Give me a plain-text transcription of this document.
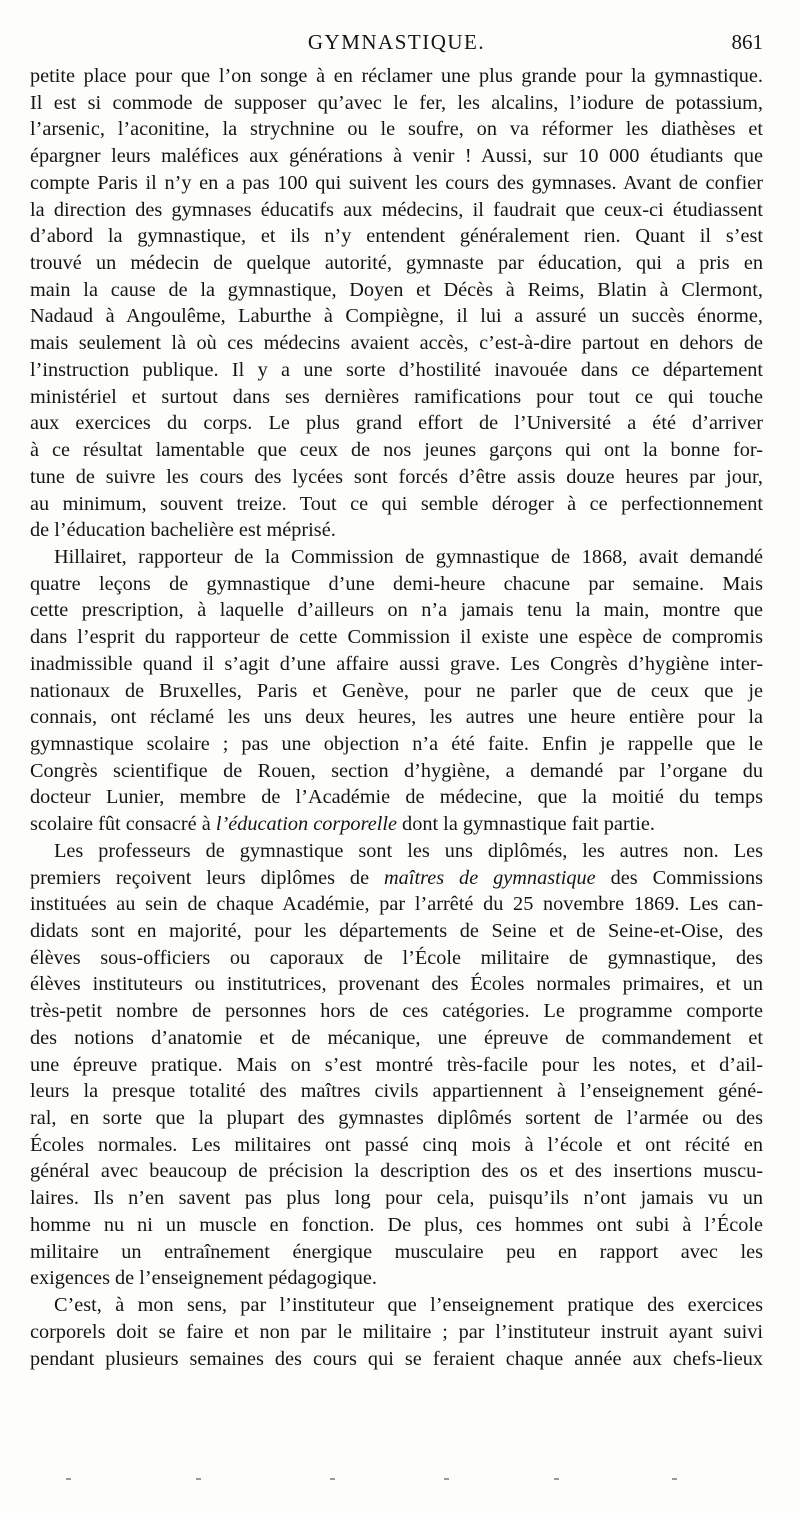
GYMNASTIQUE.	861
petite place pour que l’on songe à en réclamer une plus grande pour la gymnastique.
Il est si commode de supposer qu’avec le fer, les alcalins, l’iodure de potassium,
l’arsenic, l’aconitine, la strychnine ou le soufre, on va réformer les diathèses et
épargner leurs maléfices aux générations à venir ! Aussi, sur 10 000 étudiants que
compte Paris il n’y en a pas 100 qui suivent les cours des gymnases. Avant de confier
la direction des gymnases éducatifs aux médecins, il faudrait que ceux-ci étudiassent
d’abord la gymnastique, et ils n’y entendent généralement rien. Quant il s’est
trouvé un médecin de quelque autorité, gymnaste par éducation, qui a pris en
main la cause de la gymnastique, Doyen et Décès à Reims, Blatin à Clermont,
Nadaud à Angoulême, Laburthe à Compiègne, il lui a assuré un succès énorme,
mais seulement là où ces médecins avaient accès, c’est-à-dire partout en dehors de
l’instruction publique. Il y a une sorte d’hostilité inavouée dans ce département
ministériel et surtout dans ses dernières ramifications pour tout ce qui touche
aux exercices du corps. Le plus grand effort de l’Université a été d’arriver
à ce résultat lamentable que ceux de nos jeunes garçons qui ont la bonne for-
tune de suivre les cours des lycées sont forcés d’être assis douze heures par jour,
au minimum, souvent treize. Tout ce qui semble déroger à ce perfectionnement
de l’éducation bachelière est méprisé.
Hillairet, rapporteur de la Commission de gymnastique de 1868, avait demandé
quatre leçons de gymnastique d’une demi-heure chacune par semaine. Mais
cette prescription, à laquelle d’ailleurs on n’a jamais tenu la main, montre que
dans l’esprit du rapporteur de cette Commission il existe une espèce de compromis
inadmissible quand il s’agit d’une affaire aussi grave. Les Congrès d’hygiène inter-
nationaux de Bruxelles, Paris et Genève, pour ne parler que de ceux que je
connais, ont réclamé les uns deux heures, les autres une heure entière pour la
gymnastique scolaire ; pas une objection n’a été faite. Enfin je rappelle que le
Congrès scientifique de Rouen, section d’hygiène, a demandé par l’organe du
docteur Lunier, membre de l’Académie de médecine, que la moitié du temps
scolaire fût consacré à l’éducation corporelle dont la gymnastique fait partie.
Les professeurs de gymnastique sont les uns diplômés, les autres non. Les
premiers reçoivent leurs diplômes de maîtres de gymnastique des Commissions
instituées au sein de chaque Académie, par l’arrêté du 25 novembre 1869. Les can-
didats sont en majorité, pour les départements de Seine et de Seine-et-Oise, des
élèves sous-officiers ou caporaux de l’École militaire de gymnastique, des
élèves instituteurs ou institutrices, provenant des Écoles normales primaires, et un
très-petit nombre de personnes hors de ces catégories. Le programme comporte
des notions d’anatomie et de mécanique, une épreuve de commandement et
une épreuve pratique. Mais on s’est montré très-facile pour les notes, et d’ail-
leurs la presque totalité des maîtres civils appartiennent à l’enseignement géné-
ral, en sorte que la plupart des gymnastes diplômés sortent de l’armée ou des
Écoles normales. Les militaires ont passé cinq mois à l’école et ont récité en
général avec beaucoup de précision la description des os et des insertions muscu-
laires. Ils n’en savent pas plus long pour cela, puisqu’ils n’ont jamais vu un
homme nu ni un muscle en fonction. De plus, ces hommes ont subi à l’École
militaire un entraînement énergique musculaire peu en rapport avec les
exigences de l’enseignement pédagogique.
C’est, à mon sens, par l’instituteur que l’enseignement pratique des exercices
corporels doit se faire et non par le militaire ; par l’instituteur instruit ayant suivi
pendant plusieurs semaines des cours qui se feraient chaque année aux chefs-lieux
